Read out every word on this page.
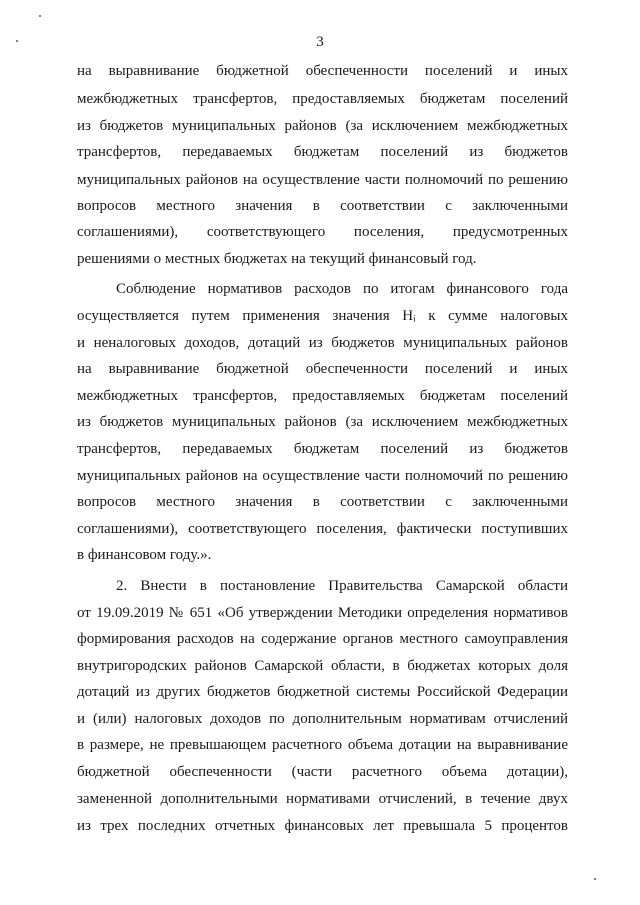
3
на выравнивание бюджетной обеспеченности поселений и иных
межбюджетных трансфертов, предоставляемых бюджетам поселений
из бюджетов муниципальных районов (за исключением межбюджетных
трансфертов, передаваемых бюджетам поселений из бюджетов
муниципальных районов на осуществление части полномочий по решению
вопросов местного значения в соответствии с заключенными
соглашениями), соответствующего поселения, предусмотренных
решениями о местных бюджетах на текущий финансовый год.
Соблюдение нормативов расходов по итогам финансового года
осуществляется путем применения значения Hᵢ к сумме налоговых
и неналоговых доходов, дотаций из бюджетов муниципальных районов
на выравнивание бюджетной обеспеченности поселений и иных
межбюджетных трансфертов, предоставляемых бюджетам поселений
из бюджетов муниципальных районов (за исключением межбюджетных
трансфертов, передаваемых бюджетам поселений из бюджетов
муниципальных районов на осуществление части полномочий по решению
вопросов местного значения в соответствии с заключенными
соглашениями), соответствующего поселения, фактически поступивших
в финансовом году.».
2. Внести в постановление Правительства Самарской области
от 19.09.2019 № 651 «Об утверждении Методики определения нормативов
формирования расходов на содержание органов местного самоуправления
внутригородских районов Самарской области, в бюджетах которых доля
дотаций из других бюджетов бюджетной системы Российской Федерации
и (или) налоговых доходов по дополнительным нормативам отчислений
в размере, не превышающем расчетного объема дотации на выравнивание
бюджетной обеспеченности (части расчетного объема дотации),
замененной дополнительными нормативами отчислений, в течение двух
из трех последних отчетных финансовых лет превышала 5 процентов
